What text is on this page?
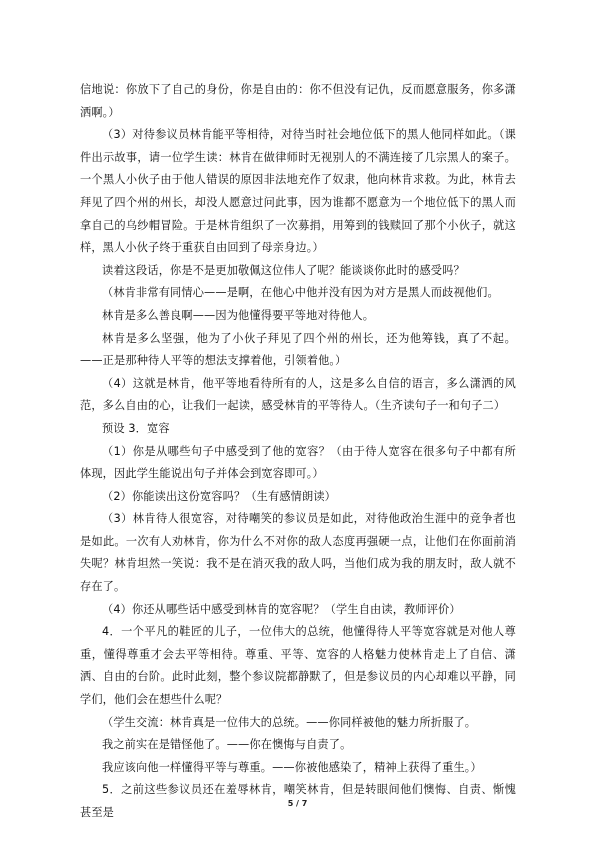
信地说：你放下了自己的身份，你是自由的：你不但没有记仇，反而愿意服务，你多潇洒啊。）

（3）对待参议员林肯能平等相待，对待当时社会地位低下的黑人他同样如此。（课件出示故事，请一位学生读：林肯在做律师时无视别人的不满连接了几宗黑人的案子。一个黑人小伙子由于他人错误的原因非法地充作了奴隶，他向林肯求救。为此，林肯去拜见了四个州的州长，却没人愿意过问此事，因为谁都不愿意为一个地位低下的黑人而拿自己的乌纱帽冒险。于是林肯组织了一次募捐，用筹到的钱赎回了那个小伙子，就这样，黑人小伙子终于重获自由回到了母亲身边。）

读着这段话，你是不是更加敬佩这位伟人了呢？能谈谈你此时的感受吗？

（林肯非常有同情心——是啊，在他心中他并没有因为对方是黑人而歧视他们。

林肯是多么善良啊——因为他懂得要平等地对待他人。

林肯是多么坚强，他为了小伙子拜见了四个州的州长，还为他筹钱，真了不起。——正是那种待人平等的想法支撑着他，引领着他。）

（4）这就是林肯，他平等地看待所有的人，这是多么自信的语言，多么潇洒的风范，多么自由的心，让我们一起读，感受林肯的平等待人。（生齐读句子一和句子二）

预设 3．宽容

（1）你是从哪些句子中感受到了他的宽容？（由于待人宽容在很多句子中都有所体现，因此学生能说出句子并体会到宽容即可。）

（2）你能读出这份宽容吗？（生有感情朗读）

（3）林肯待人很宽容，对待嘲笑的参议员是如此，对待他政治生涯中的竞争者也是如此。一次有人劝林肯，你为什么不对你的敌人态度再强硬一点，让他们在你面前消失呢？林肯坦然一笑说：我不是在消灭我的敌人吗，当他们成为我的朋友时，敌人就不存在了。

（4）你还从哪些话中感受到林肯的宽容呢？（学生自由读，教师评价）

4．一个平凡的鞋匠的儿子，一位伟大的总统，他懂得待人平等宽容就是对他人尊重，懂得尊重才会去平等相待。尊重、平等、宽容的人格魅力使林肯走上了自信、潇洒、自由的台阶。此时此刻，整个参议院都静默了，但是参议员的内心却难以平静，同学们，他们会在想些什么呢？

（学生交流：林肯真是一位伟大的总统。——你同样被他的魅力所折服了。

我之前实在是错怪他了。——你在懊悔与自责了。

我应该向他一样懂得平等与尊重。——你被他感染了，精神上获得了重生。）

5．之前这些参议员还在羞辱林肯，嘲笑林肯，但是转眼间他们懊悔、自责、惭愧甚至是

5 / 7
